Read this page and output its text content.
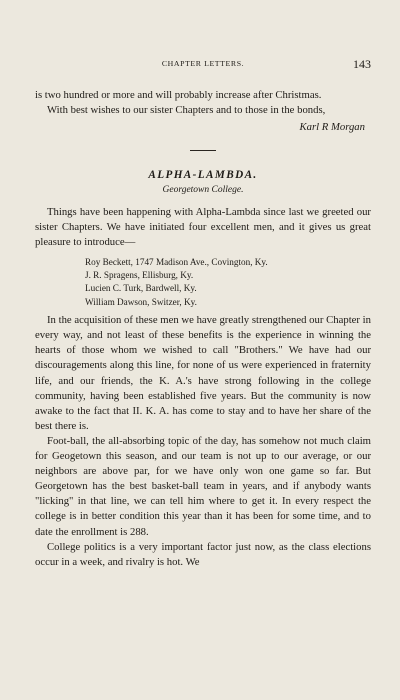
CHAPTER LETTERS.	143

is two hundred or more and will probably increase after Christmas.

With best wishes to our sister Chapters and to those in the bonds,

Karl R Morgan

ALPHA-LAMBDA.
Georgetown College.

Things have been happening with Alpha-Lambda since last we greeted our sister Chapters. We have initiated four excellent men, and it gives us great pleasure to introduce—

Roy Beckett, 1747 Madison Ave., Covington, Ky.
J. R. Spragens, Ellisburg, Ky.
Lucien C. Turk, Bardwell, Ky.
William Dawson, Switzer, Ky.

In the acquisition of these men we have greatly strengthened our Chapter in every way, and not least of these benefits is the experience in winning the hearts of those whom we wished to call "Brothers." We have had our discouragements along this line, for none of us were experienced in fraternity life, and our friends, the K. A.'s have strong following in the college community, having been established five years. But the community is now awake to the fact that II. K. A. has come to stay and to have her share of the best there is.

Foot-ball, the all-absorbing topic of the day, has somehow not much claim for Geogetown this season, and our team is not up to our average, or our neighbors are above par, for we have only won one game so far. But Georgetown has the best basket-ball team in years, and if anybody wants "licking" in that line, we can tell him where to get it. In every respect the college is in better condition this year than it has been for some time, and to date the enrollment is 288.

College politics is a very important factor just now, as the class elections occur in a week, and rivalry is hot. We
